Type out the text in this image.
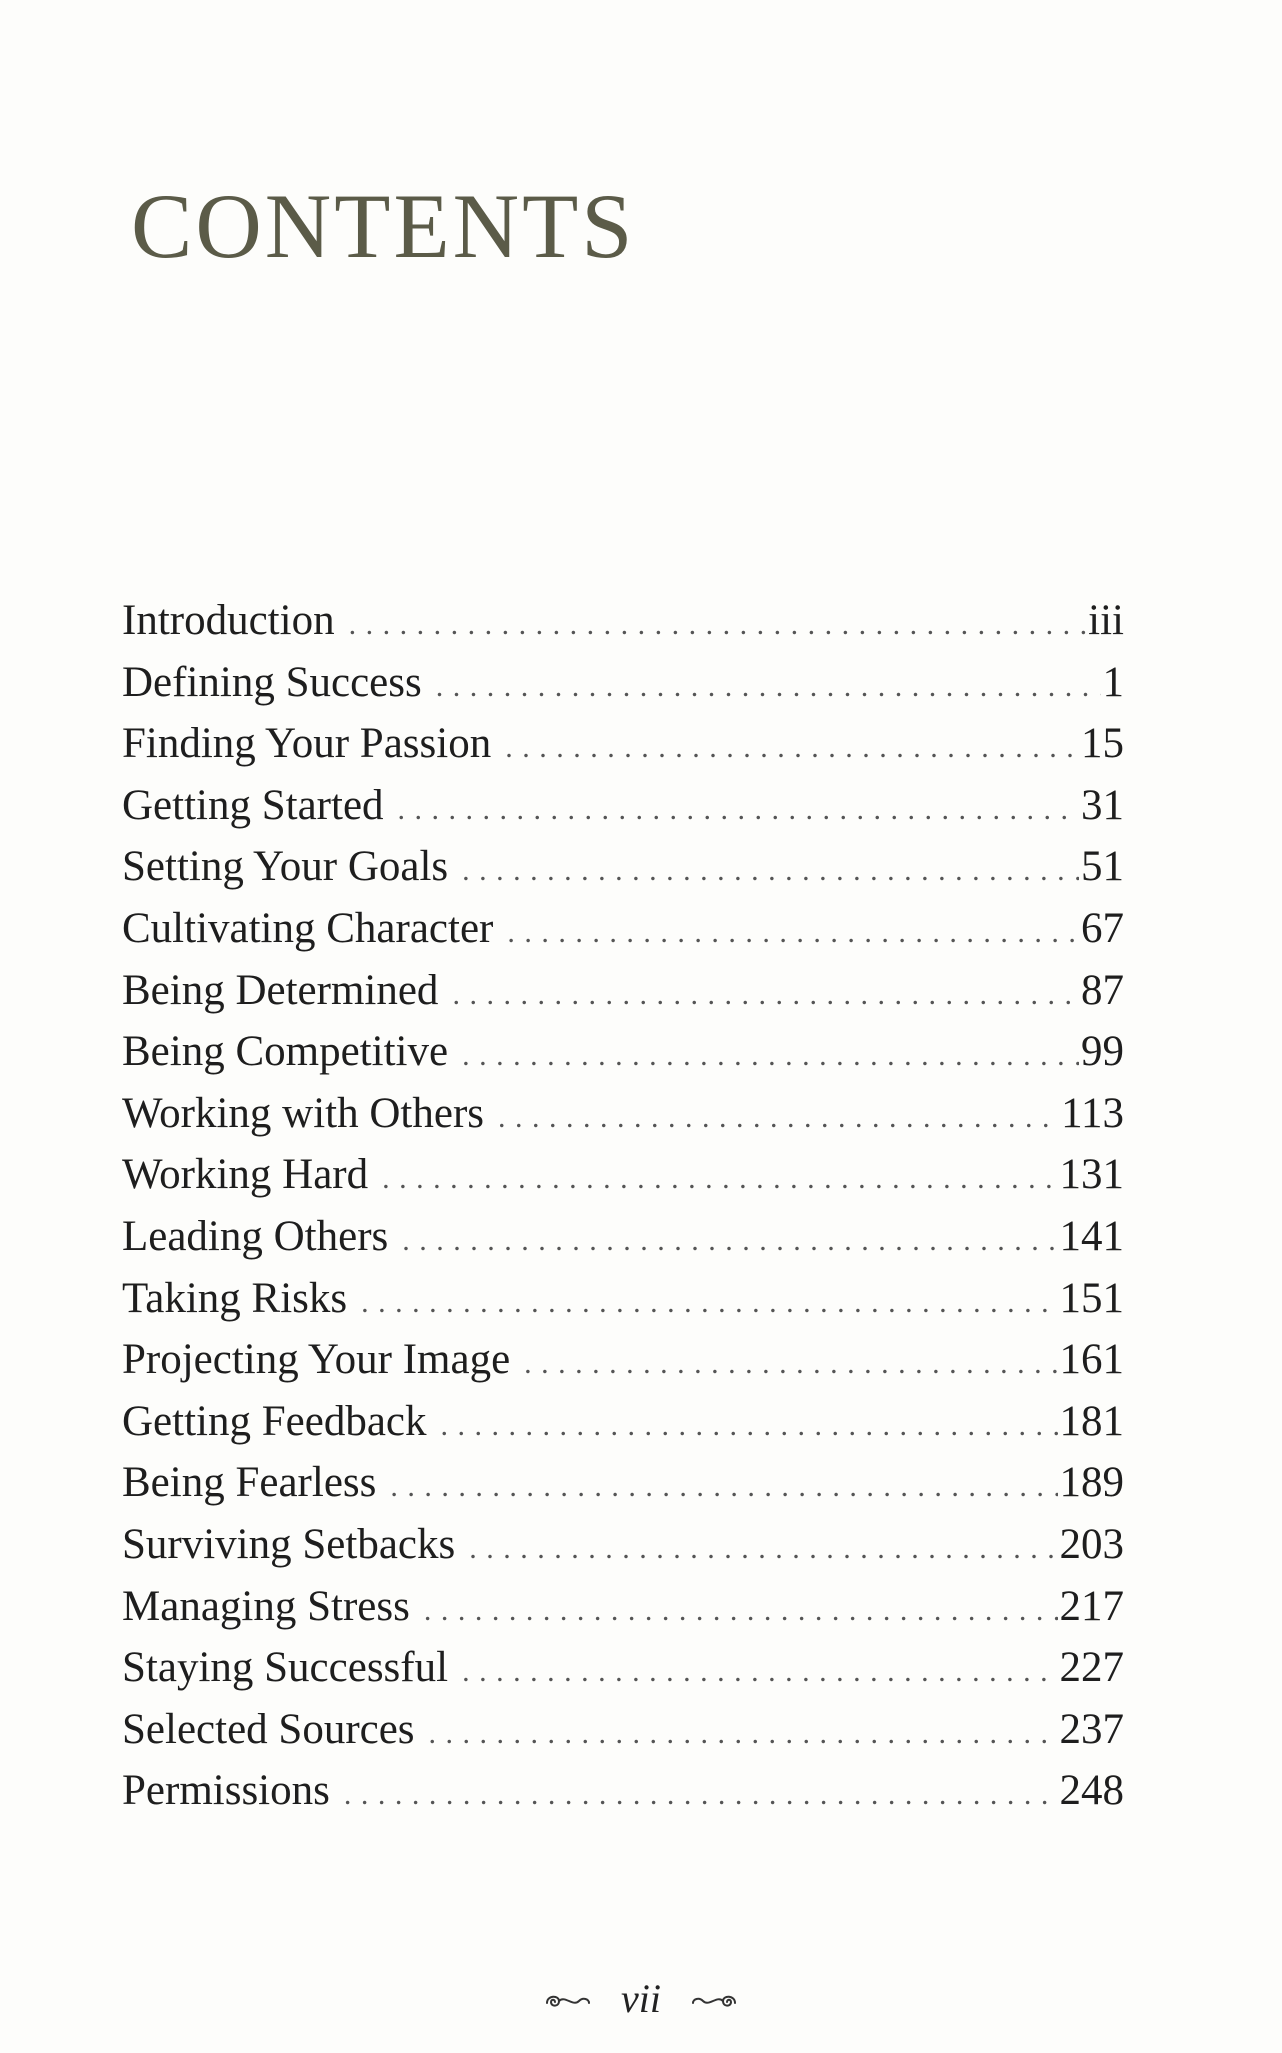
CONTENTS
Introduction . . .	iii
Defining Success . . .	1
Finding Your Passion . . .	15
Getting Started . . .	31
Setting Your Goals . . .	51
Cultivating Character . . .	67
Being Determined . . .	87
Being Competitive . . .	99
Working with Others . . .	113
Working Hard . . .	131
Leading Others . . .	141
Taking Risks . . .	151
Projecting Your Image . . .	161
Getting Feedback . . .	181
Being Fearless . . .	189
Surviving Setbacks . . .	203
Managing Stress . . .	217
Staying Successful . . .	227
Selected Sources . . .	237
Permissions . . .	248
vii
